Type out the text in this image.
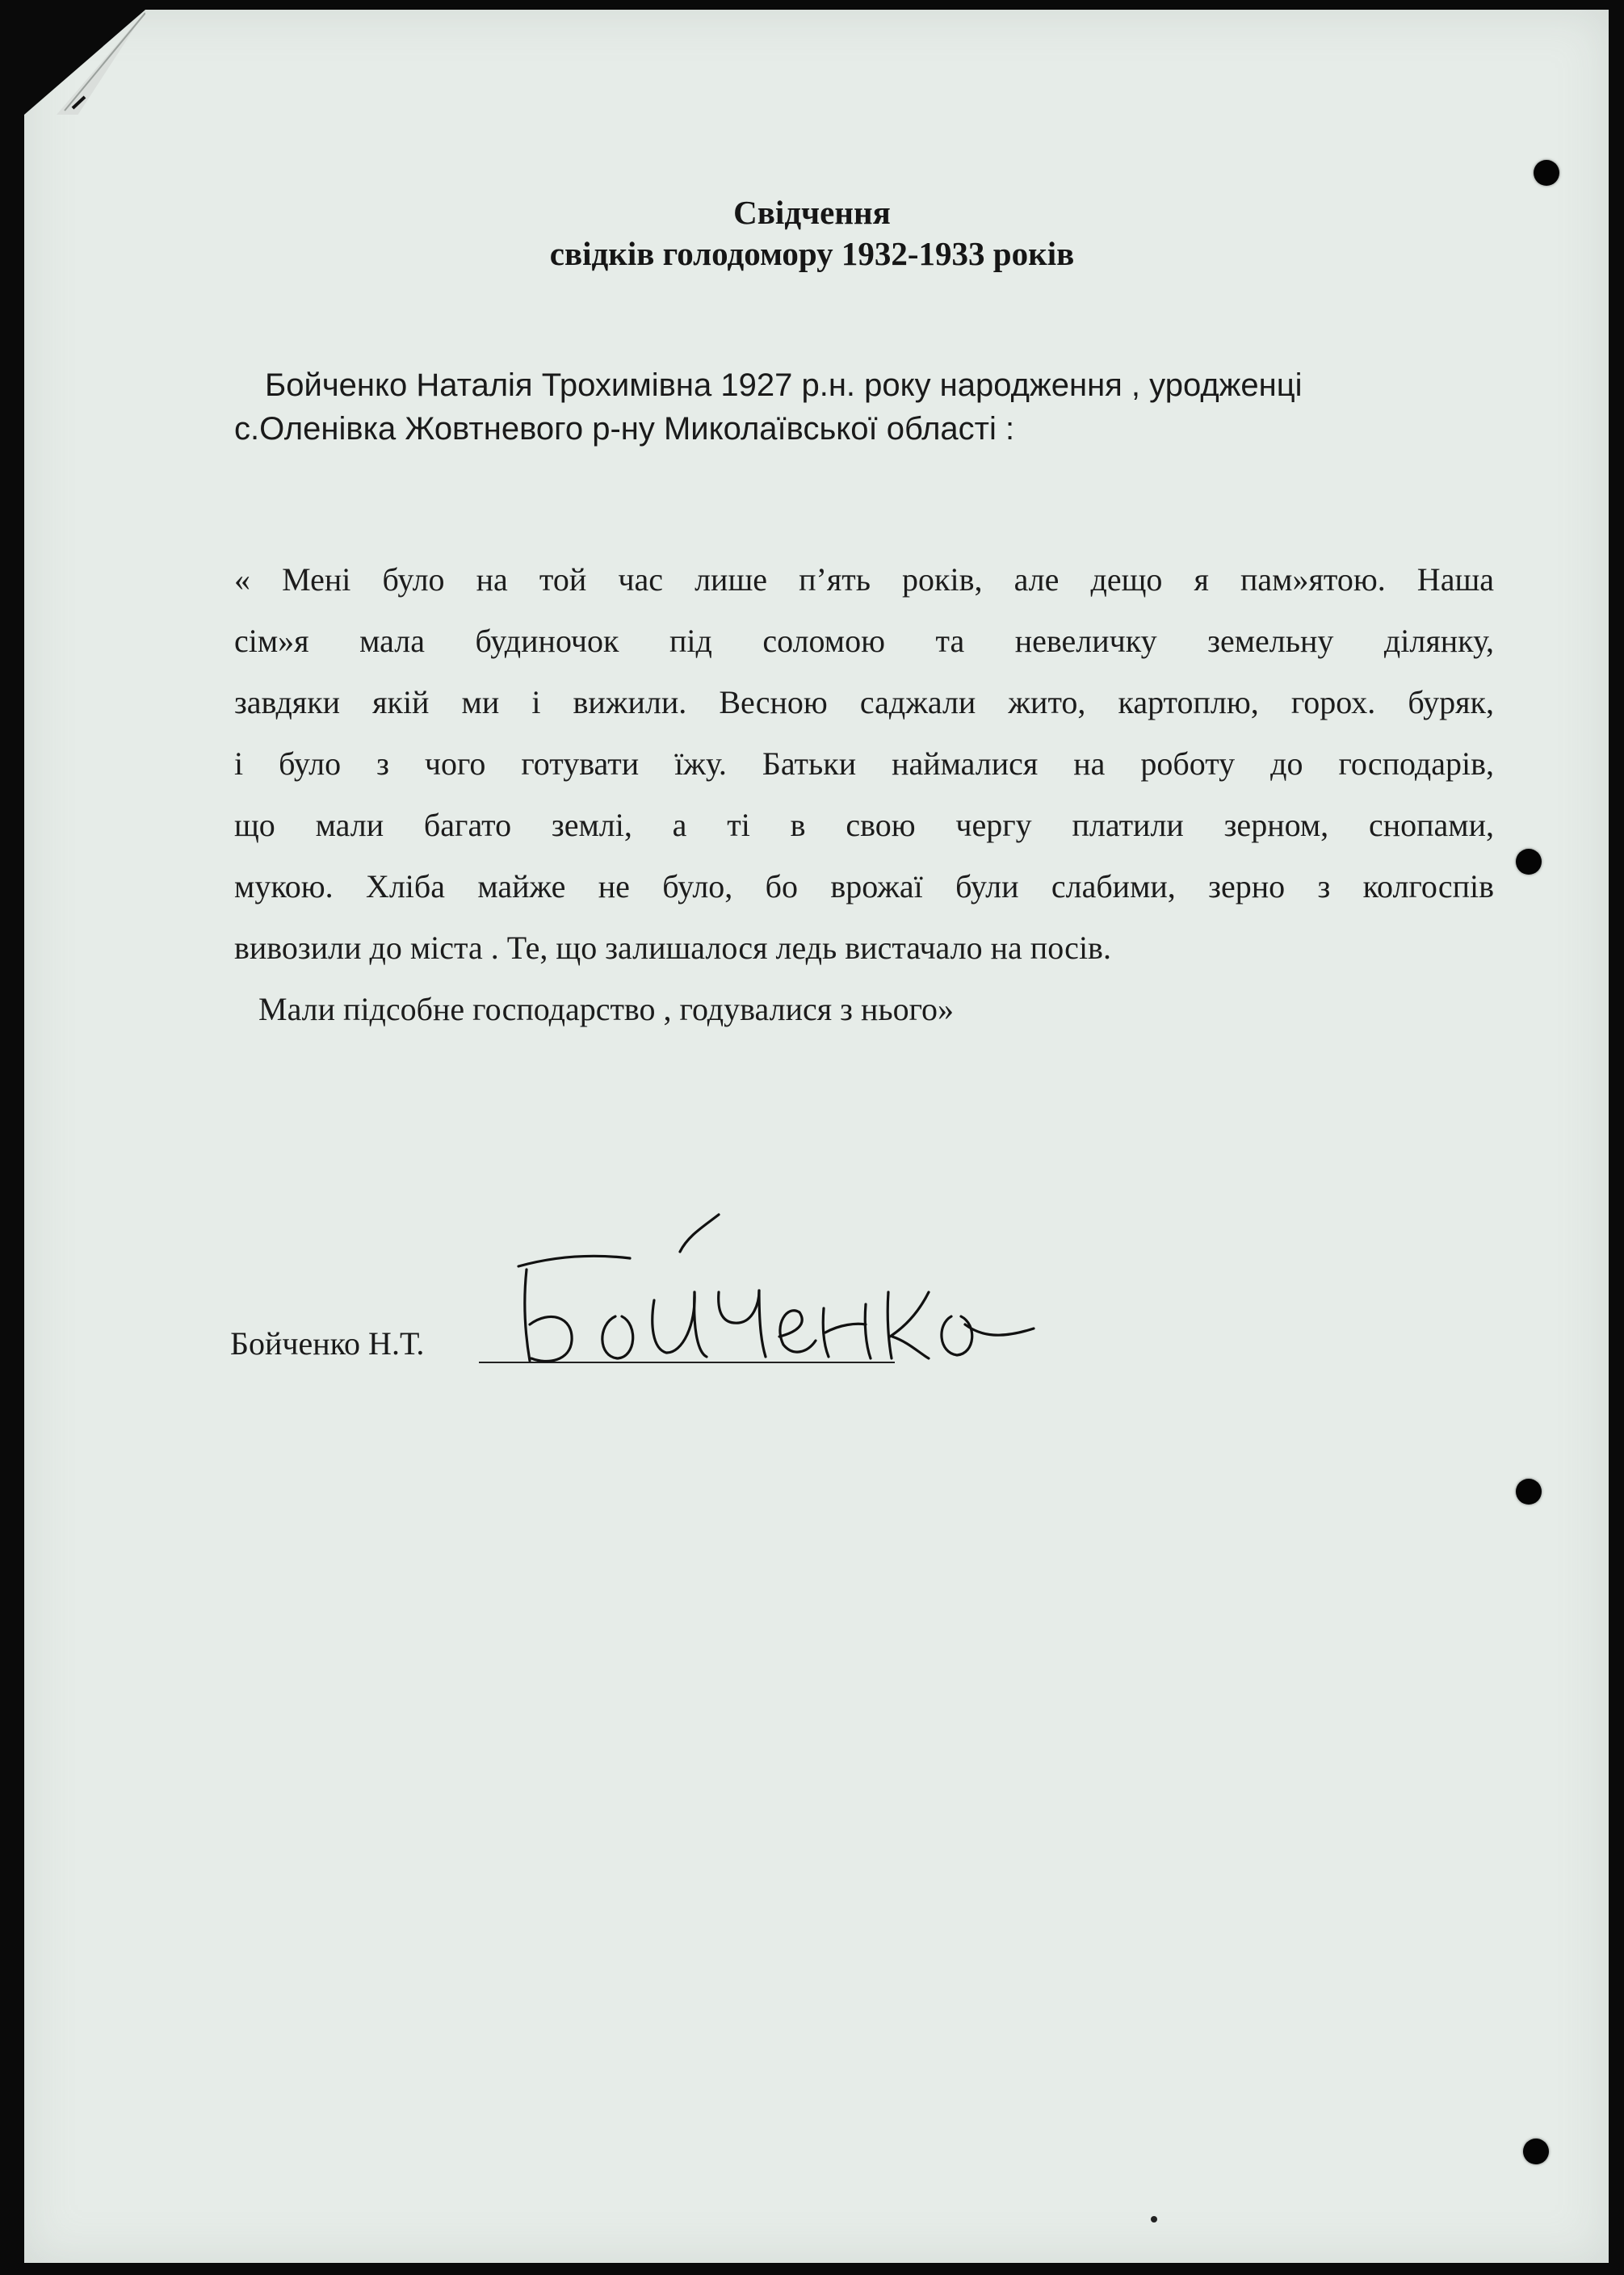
Свідчення
свідків голодомору 1932-1933 років
Бойченко Наталія Трохимівна 1927 р.н. року народження , уродженці
с.Оленівка Жовтневого р-ну Миколаївської області :
« Мені було на той час лише п’ять років, але дещо я пам»ятою. Наша
сім»я мала будиночок під соломою та невеличку земельну ділянку,
завдяки якій ми і вижили. Весною саджали жито, картоплю, горох. буряк,
і було з чого готувати їжу. Батьки наймалися на роботу до господарів,
що мали багато землі, а ті в свою чергу платили зерном, снопами,
мукою. Хліба майже не було, бо врожаї були слабими, зерно з колгоспів
вивозили до міста . Те, що залишалося ледь вистачало на посів.
Мали підсобне господарство , годувалися з нього»
Бойченко Н.Т.
